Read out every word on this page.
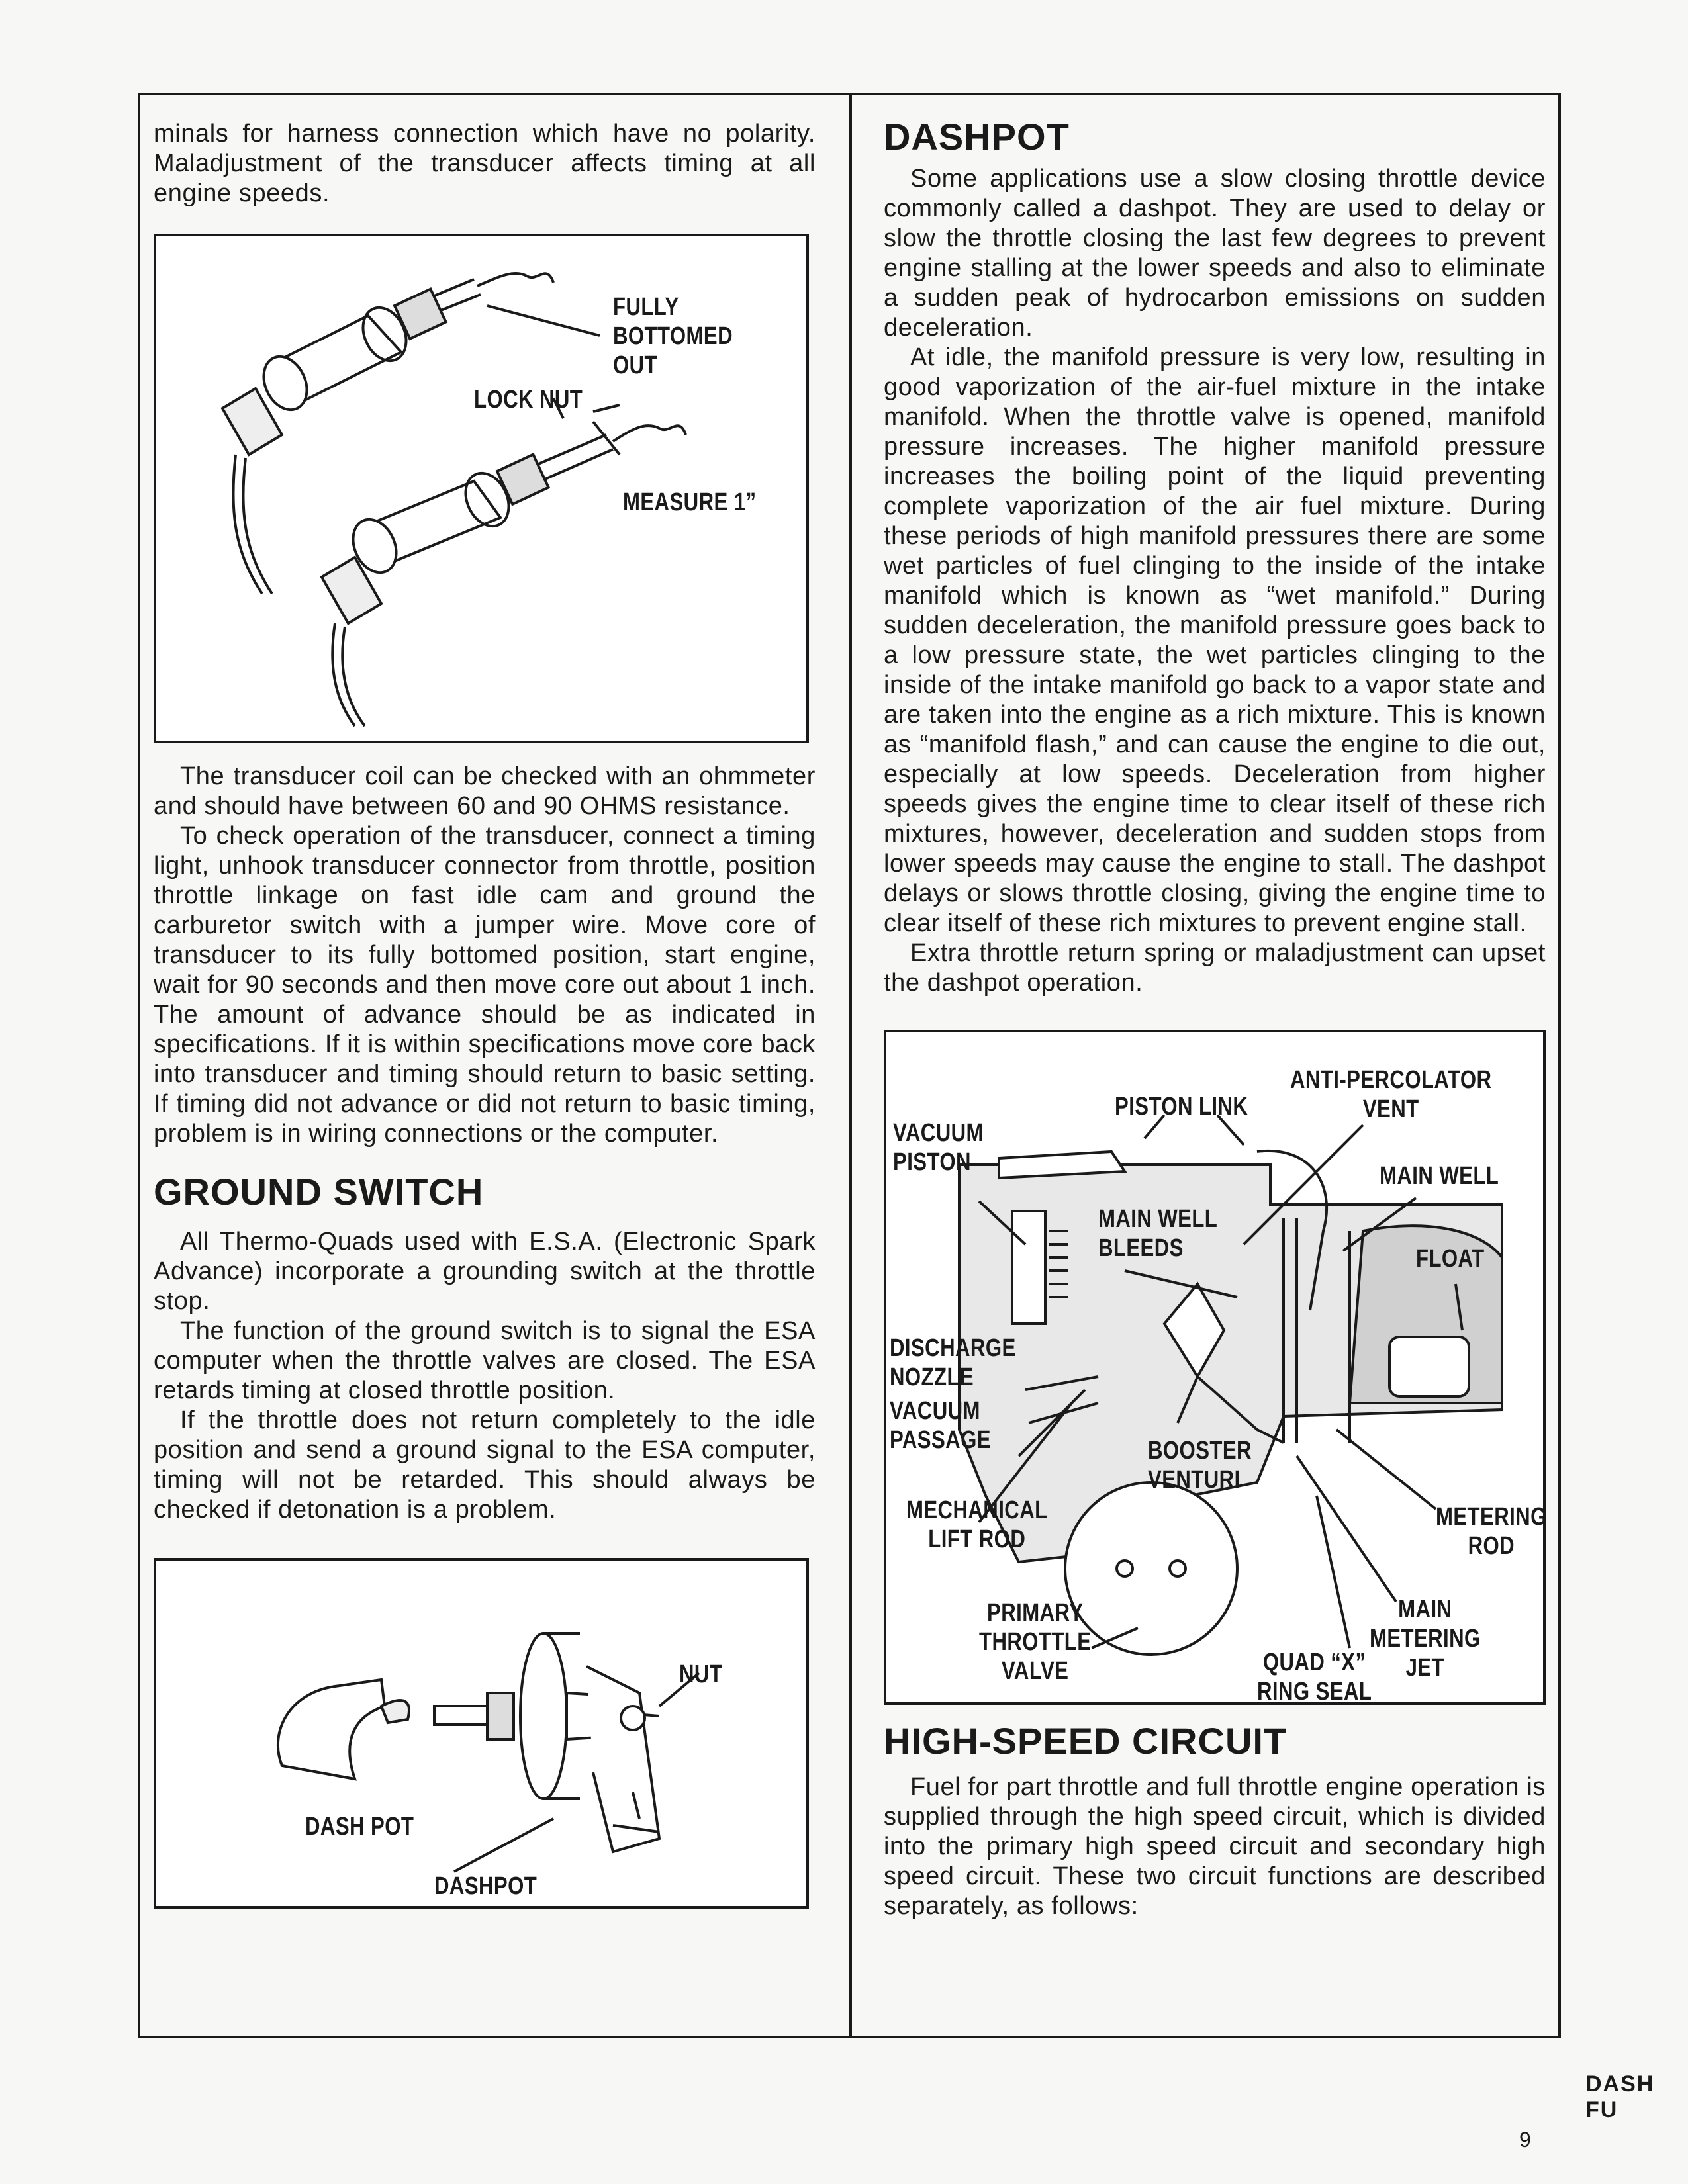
minals for harness connection which have no polarity. Maladjustment of the transducer affects timing at all engine speeds.

FULLY
BOTTOMED
OUT
LOCK NUT
MEASURE 1”

The transducer coil can be checked with an ohmmeter and should have between 60 and 90 OHMS resistance.

To check operation of the transducer, connect a timing light, unhook transducer connector from throttle, position throttle linkage on fast idle cam and ground the carburetor switch with a jumper wire. Move core of transducer to its fully bottomed position, start engine, wait for 90 seconds and then move core out about 1 inch. The amount of advance should be as indicated in specifications. If it is within specifications move core back into transducer and timing should return to basic setting. If timing did not advance or did not return to basic timing, problem is in wiring connections or the computer.

GROUND SWITCH

All Thermo-Quads used with E.S.A. (Electronic Spark Advance) incorporate a grounding switch at the throttle stop.

The function of the ground switch is to signal the ESA computer when the throttle valves are closed. The ESA retards timing at closed throttle position.

If the throttle does not return completely to the idle position and send a ground signal to the ESA computer, timing will not be retarded. This should always be checked if detonation is a problem.

NUT
DASH POT
DASHPOT
DASHPOT

Some applications use a slow closing throttle device commonly called a dashpot. They are used to delay or slow the throttle closing the last few degrees to prevent engine stalling at the lower speeds and also to eliminate a sudden peak of hydrocarbon emissions on sudden deceleration.

At idle, the manifold pressure is very low, resulting in good vaporization of the air-fuel mixture in the intake manifold. When the throttle valve is opened, manifold pressure increases. The higher manifold pressure increases the boiling point of the liquid preventing complete vaporization of the air fuel mixture. During these periods of high manifold pressures there are some wet particles of fuel clinging to the inside of the intake manifold which is known as “wet manifold.” During sudden deceleration, the manifold pressure goes back to a low pressure state, the wet particles clinging to the inside of the intake manifold go back to a vapor state and are taken into the engine as a rich mixture. This is known as “manifold flash,” and can cause the engine to die out, especially at low speeds. Deceleration from higher speeds gives the engine time to clear itself of these rich mixtures, however, deceleration and sudden stops from lower speeds may cause the engine to stall. The dashpot delays or slows throttle closing, giving the engine time to clear itself of these rich mixtures to prevent engine stall.

Extra throttle return spring or maladjustment can upset the dashpot operation.

ANTI-PERCOLATOR
VENT
PISTON LINK
VACUUM
PISTON	MAIN WELL
MAIN WELL
BLEEDS	FLOAT
DISCHARGE
NOZZLE
VACUUM
PASSAGE	BOOSTER
VENTURI
MECHANICAL
LIFT ROD
METERING
ROD
PRIMARY
THROTTLE
VALVE
MAIN METERING
JET
QUAD “X”
RING SEAL
HIGH-SPEED CIRCUIT

Fuel for part throttle and full throttle engine operation is supplied through the high speed circuit, which is divided into the primary high speed circuit and secondary high speed circuit. These two circuit functions are described separately, as follows:

DASH FU
9
